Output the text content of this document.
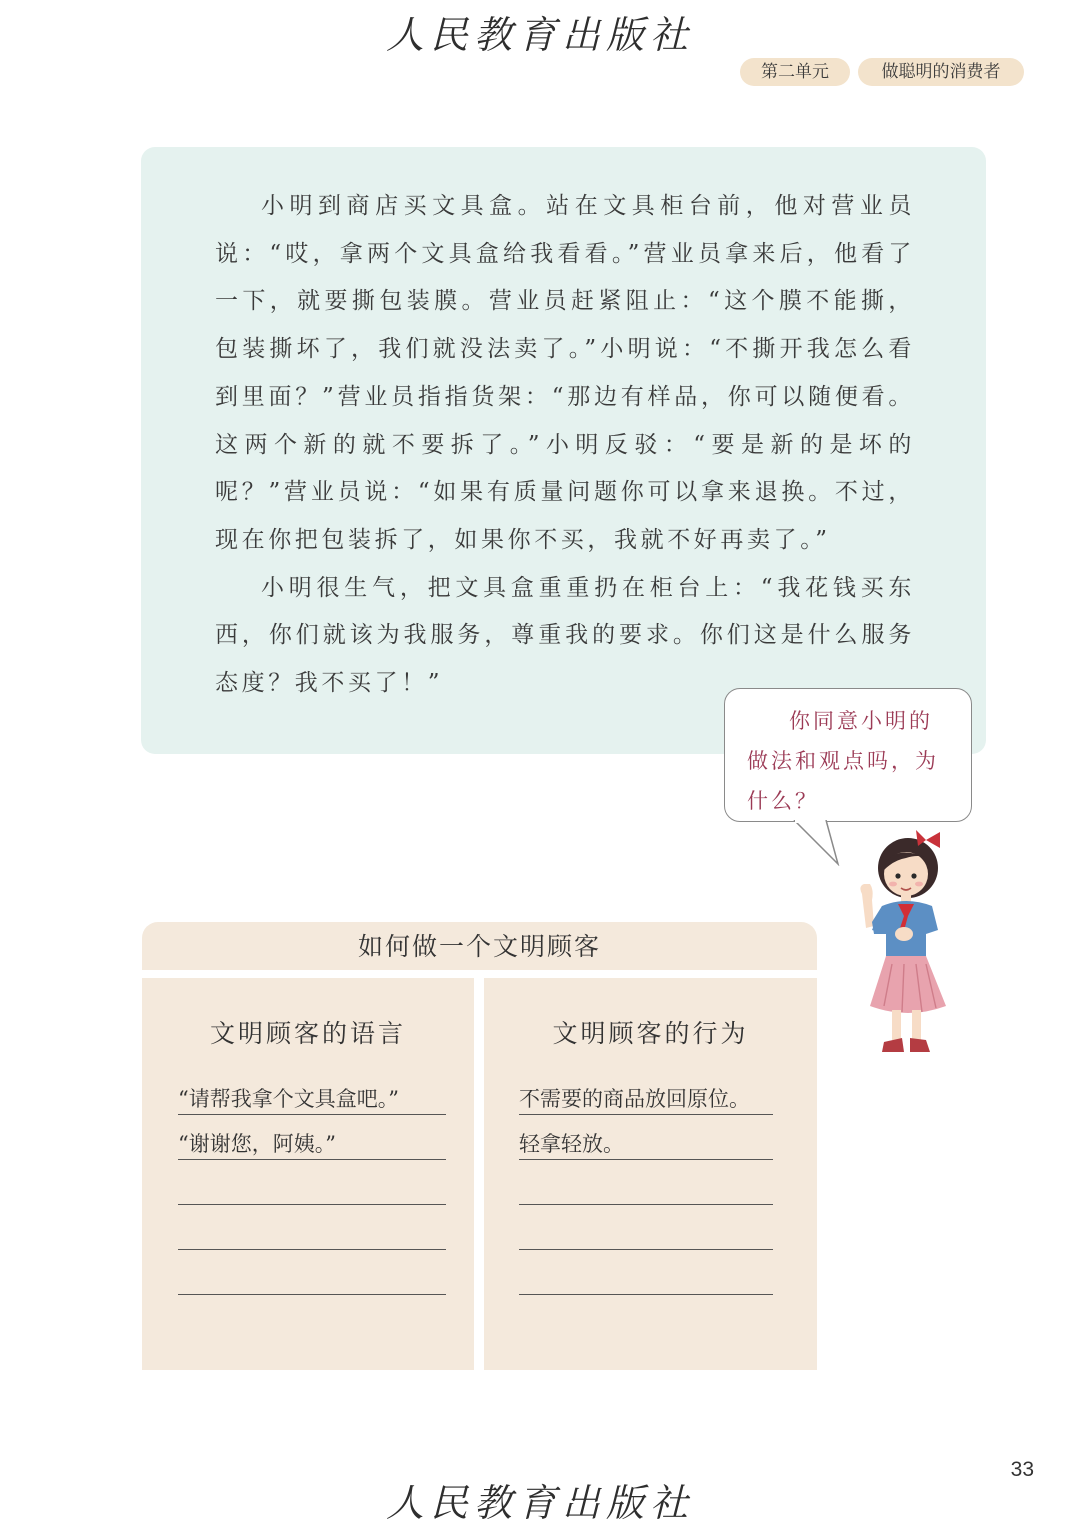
人民教育出版社
第二单元	做聪明的消费者

小明到商店买文具盒。站在文具柜台前，他对营业员说：“哎，拿两个文具盒给我看看。”营业员拿来后，他看了一下，就要撕包装膜。营业员赶紧阻止：“这个膜不能撕，包装撕坏了，我们就没法卖了。”小明说：“不撕开我怎么看到里面？”营业员指指货架：“那边有样品，你可以随便看。这两个新的就不要拆了。”小明反驳：“要是新的是坏的呢？”营业员说：“如果有质量问题你可以拿来退换。不过，现在你把包装拆了，如果你不买，我就不好再卖了。”

小明很生气，把文具盒重重扔在柜台上：“我花钱买东西，你们就该为我服务，尊重我的要求。你们这是什么服务态度？我不买了！”

你同意小明的做法和观点吗，为什么？
如何做一个文明顾客
文明顾客的语言
“请帮我拿个文具盒吧。”
“谢谢您，阿姨。”
文明顾客的行为
不需要的商品放回原位。
轻拿轻放。
33
人民教育出版社
